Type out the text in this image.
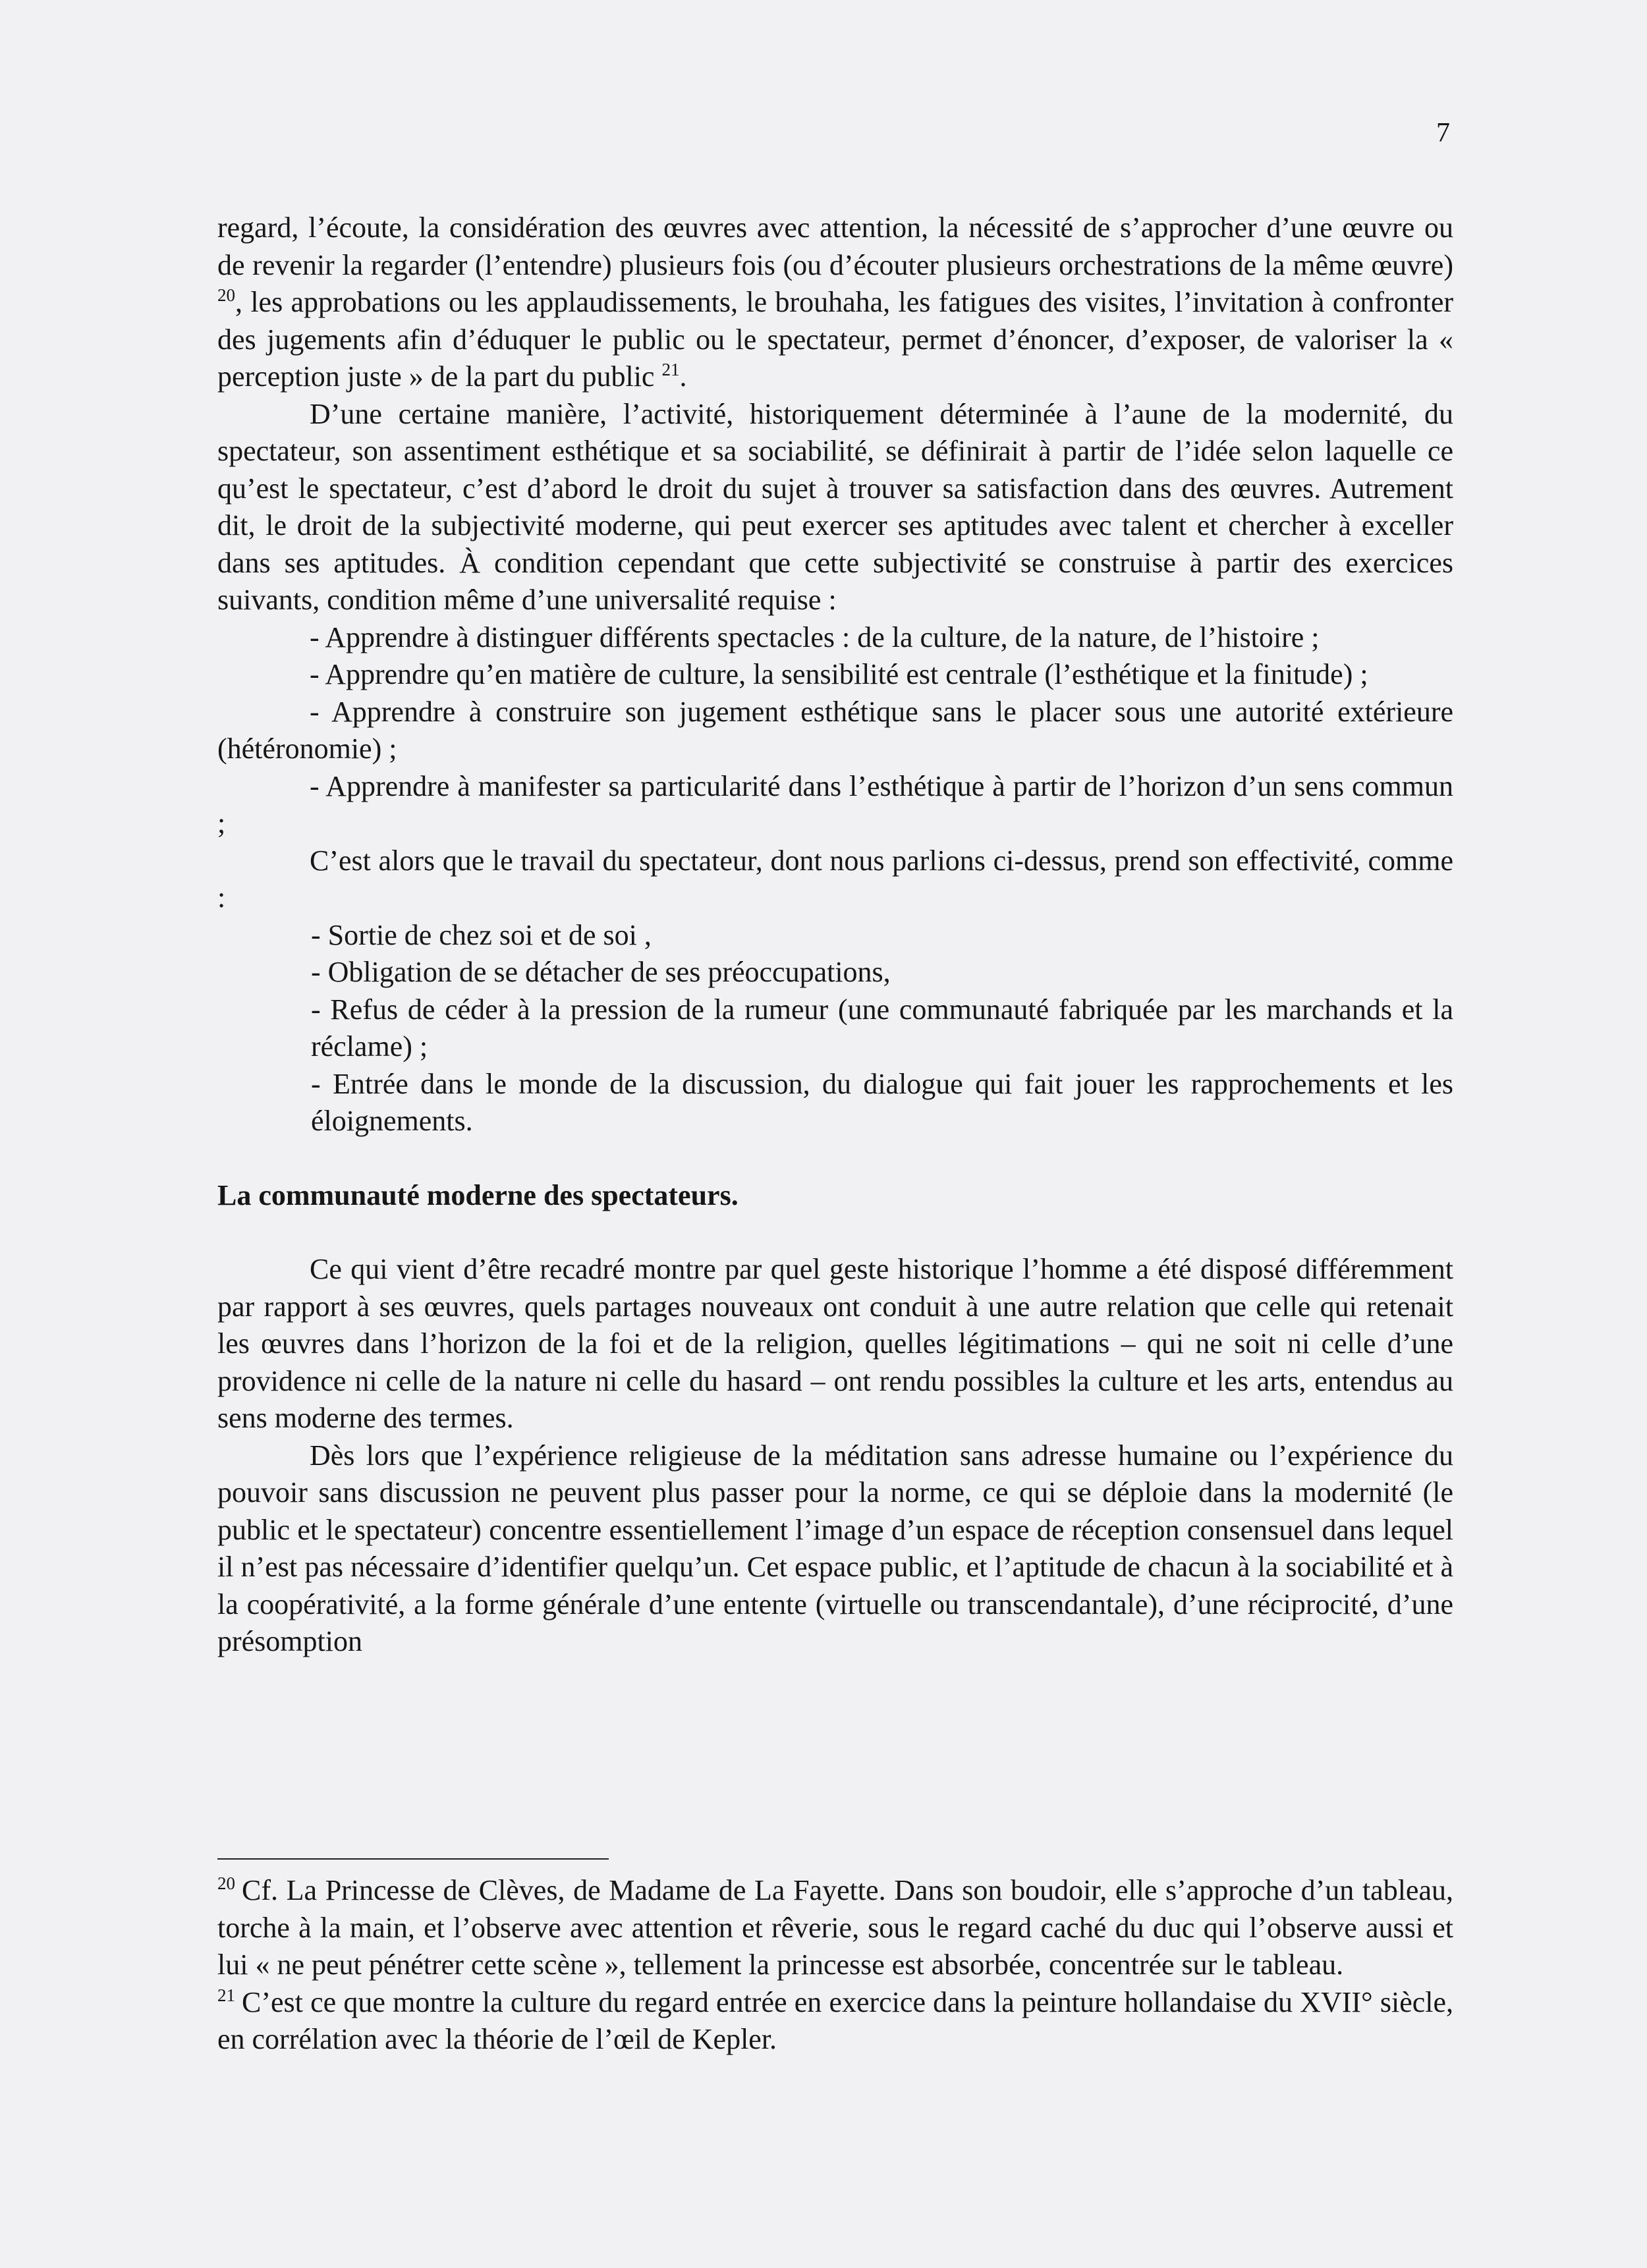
7

regard, l’écoute, la considération des œuvres avec attention, la nécessité de s’approcher d’une œuvre ou de revenir la regarder (l’entendre) plusieurs fois (ou d’écouter plusieurs orchestrations de la même œuvre) $^{20}$, les approbations ou les applaudissements, le brouhaha, les fatigues des visites, l’invitation à confronter des jugements afin d’éduquer le public ou le spectateur, permet d’énoncer, d’exposer, de valoriser la « perception juste » de la part du public $^{21}$.

D’une certaine manière, l’activité, historiquement déterminée à l’aune de la modernité, du spectateur, son assentiment esthétique et sa sociabilité, se définirait à partir de l’idée selon laquelle ce qu’est le spectateur, c’est d’abord le droit du sujet à trouver sa satisfaction dans des œuvres. Autrement dit, le droit de la subjectivité moderne, qui peut exercer ses aptitudes avec talent et chercher à exceller dans ses aptitudes. À condition cependant que cette subjectivité se construise à partir des exercices suivants, condition même d’une universalité requise :

- Apprendre à distinguer différents spectacles : de la culture, de la nature, de l’histoire ;
- Apprendre qu’en matière de culture, la sensibilité est centrale (l’esthétique et la finitude) ;
- Apprendre à construire son jugement esthétique sans le placer sous une autorité extérieure (hétéronomie) ;
- Apprendre à manifester sa particularité dans l’esthétique à partir de l’horizon d’un sens commun ;

C’est alors que le travail du spectateur, dont nous parlions ci-dessus, prend son effectivité, comme :

- Sortie de chez soi et de soi ,
- Obligation de se détacher de ses préoccupations,
- Refus de céder à la pression de la rumeur (une communauté fabriquée par les marchands et la réclame) ;
- Entrée dans le monde de la discussion, du dialogue qui fait jouer les rapprochements et les éloignements.

La communauté moderne des spectateurs.

Ce qui vient d’être recadré montre par quel geste historique l’homme a été disposé différemment par rapport à ses œuvres, quels partages nouveaux ont conduit à une autre relation que celle qui retenait les œuvres dans l’horizon de la foi et de la religion, quelles légitimations – qui ne soit ni celle d’une providence ni celle de la nature ni celle du hasard – ont rendu possibles la culture et les arts, entendus au sens moderne des termes.

Dès lors que l’expérience religieuse de la méditation sans adresse humaine ou l’expérience du pouvoir sans discussion ne peuvent plus passer pour la norme, ce qui se déploie dans la modernité (le public et le spectateur) concentre essentiellement l’image d’un espace de réception consensuel dans lequel il n’est pas nécessaire d’identifier quelqu’un. Cet espace public, et l’aptitude de chacun à la sociabilité et à la coopérativité, a la forme générale d’une entente (virtuelle ou transcendantale), d’une réciprocité, d’une présomption

$^{20}$ Cf. La Princesse de Clèves, de Madame de La Fayette. Dans son boudoir, elle s’approche d’un tableau, torche à la main, et l’observe avec attention et rêverie, sous le regard caché du duc qui l’observe aussi et lui « ne peut pénétrer cette scène », tellement la princesse est absorbée, concentrée sur le tableau.

$^{21}$ C’est ce que montre la culture du regard entrée en exercice dans la peinture hollandaise du XVII° siècle, en corrélation avec la théorie de l’œil de Kepler.
